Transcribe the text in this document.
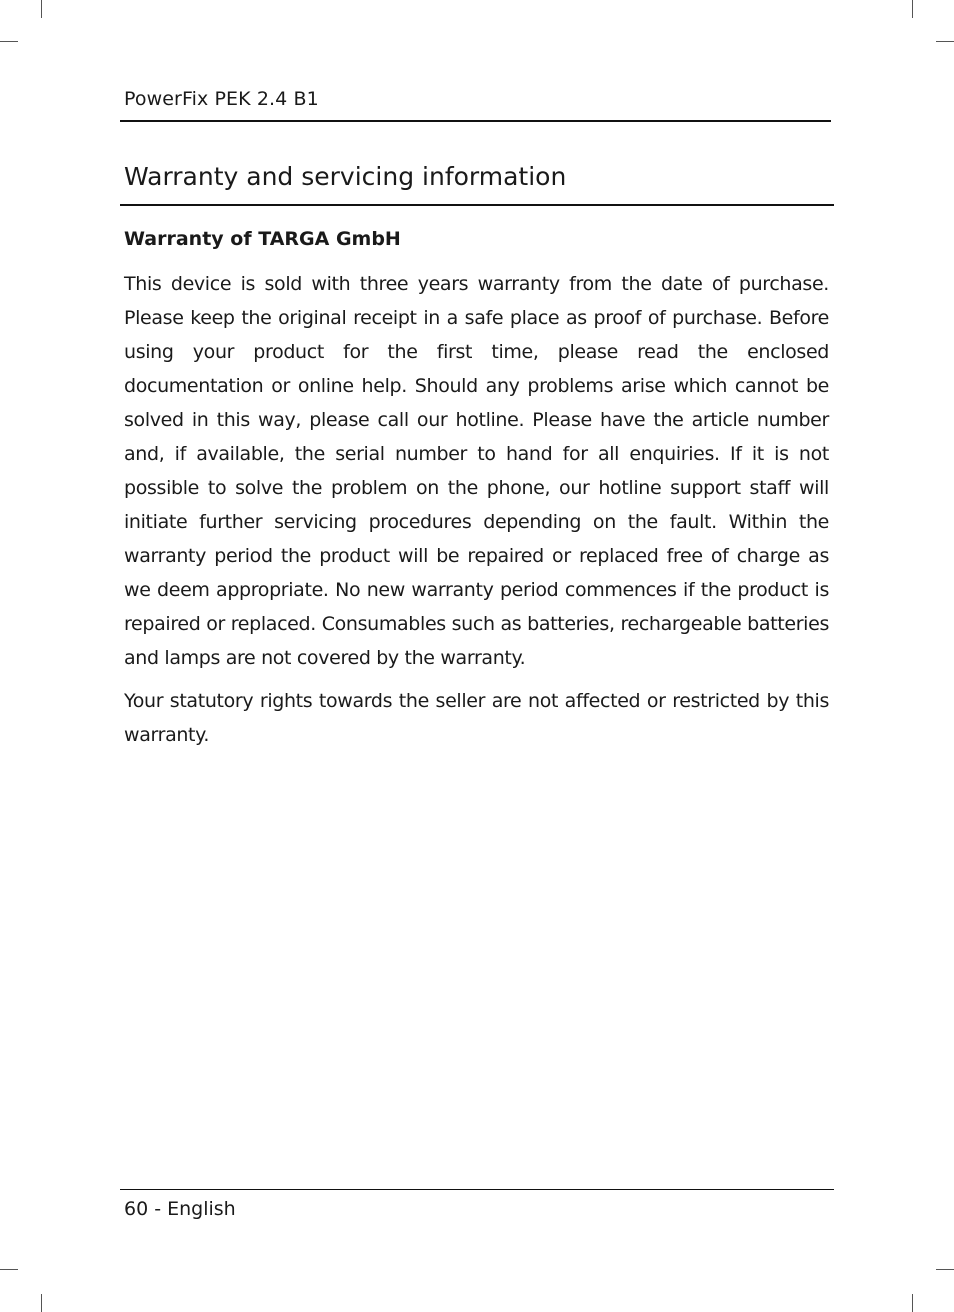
PowerFix PEK 2.4 B1
Warranty and servicing information
Warranty of TARGA GmbH

This device is sold with three years warranty from the date of purchase. Please keep the original receipt in a safe place as proof of purchase. Before using your product for the first time, please read the enclosed documentation or online help. Should any problems arise which cannot be solved in this way, please call our hotline. Please have the article number and, if available, the serial number to hand for all enquiries. If it is not possible to solve the problem on the phone, our hotline support staff will initiate further servicing procedures depending on the fault. Within the warranty period the product will be repaired or replaced free of charge as we deem appropriate. No new warranty period commences if the product is repaired or replaced. Consumables such as batteries, rechargeable batteries and lamps are not covered by the warranty.

Your statutory rights towards the seller are not affected or restricted by this warranty.

60 - English
